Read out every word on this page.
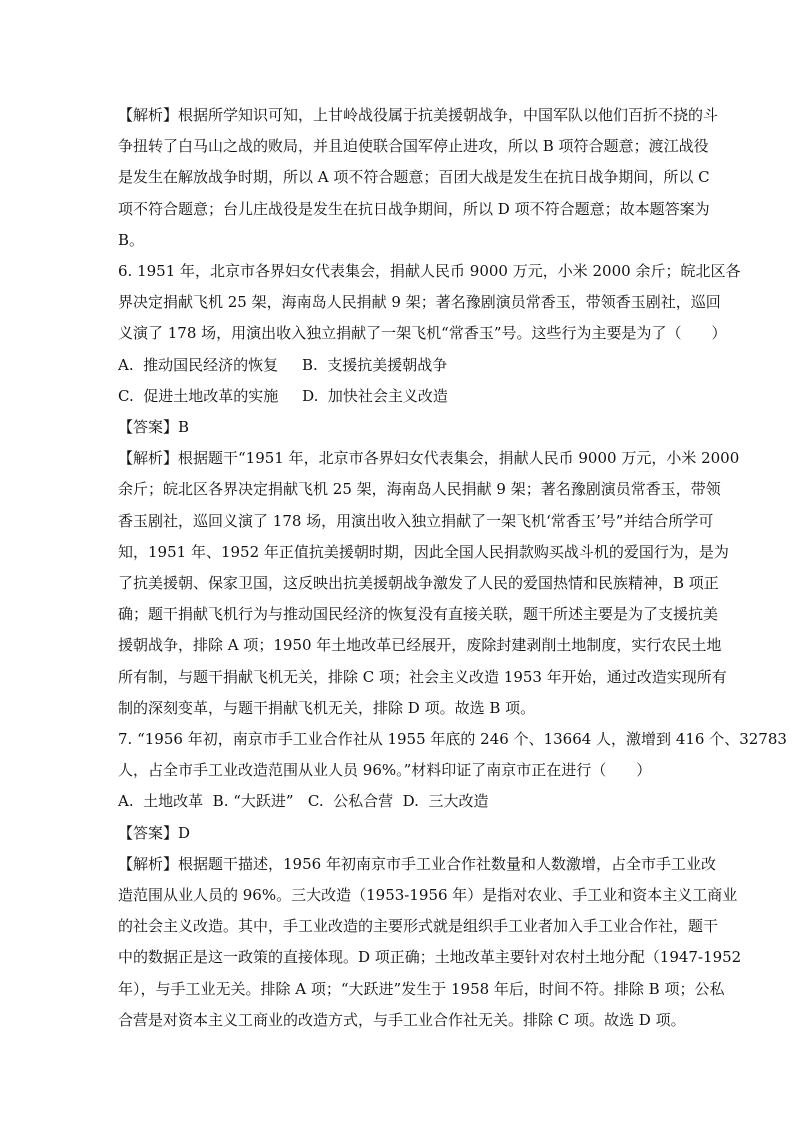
【解析】根据所学知识可知，上甘岭战役属于抗美援朝战争，中国军队以他们百折不挠的斗
争扭转了白马山之战的败局，并且迫使联合国军停止进攻，所以 B 项符合题意；渡江战役
是发生在解放战争时期，所以 A 项不符合题意；百团大战是发生在抗日战争期间，所以 C
项不符合题意；台儿庄战役是发生在抗日战争期间，所以 D 项不符合题意；故本题答案为
B。
6. 1951 年，北京市各界妇女代表集会，捐献人民币 9000 万元，小米 2000 余斤；皖北区各
界决定捐献飞机 25 架，海南岛人民捐献 9 架；著名豫剧演员常香玉，带领香玉剧社，巡回
义演了 178 场，用演出收入独立捐献了一架飞机“常香玉”号。这些行为主要是为了（　　）
A.  推动国民经济的恢复     B.  支援抗美援朝战争
C.  促进土地改革的实施     D.  加快社会主义改造
【答案】B
【解析】根据题干“1951 年，北京市各界妇女代表集会，捐献人民币 9000 万元，小米 2000
余斤；皖北区各界决定捐献飞机 25 架，海南岛人民捐献 9 架；著名豫剧演员常香玉，带领
香玉剧社，巡回义演了 178 场，用演出收入独立捐献了一架飞机‘常香玉’号”并结合所学可
知，1951 年、1952 年正值抗美援朝时期，因此全国人民捐款购买战斗机的爱国行为，是为
了抗美援朝、保家卫国，这反映出抗美援朝战争激发了人民的爱国热情和民族精神，B 项正
确；题干捐献飞机行为与推动国民经济的恢复没有直接关联，题干所述主要是为了支援抗美
援朝战争，排除 A 项；1950 年土地改革已经展开，废除封建剥削土地制度，实行农民土地
所有制，与题干捐献飞机无关，排除 C 项；社会主义改造 1953 年开始，通过改造实现所有
制的深刻变革，与题干捐献飞机无关，排除 D 项。故选 B 项。
7. “1956 年初，南京市手工业合作社从 1955 年底的 246 个、13664 人，激增到 416 个、32783
人，占全市手工业改造范围从业人员 96%。”材料印证了南京市正在进行（　　）
A.  土地改革  B. “大跃进”   C.  公私合营  D.  三大改造
【答案】D
【解析】根据题干描述，1956 年初南京市手工业合作社数量和人数激增，占全市手工业改
造范围从业人员的 96%。三大改造（1953-1956 年）是指对农业、手工业和资本主义工商业
的社会主义改造。其中，手工业改造的主要形式就是组织手工业者加入手工业合作社，题干
中的数据正是这一政策的直接体现。D 项正确；土地改革主要针对农村土地分配（1947-1952
年），与手工业无关。排除 A 项；“大跃进”发生于 1958 年后，时间不符。排除 B 项；公私
合营是对资本主义工商业的改造方式，与手工业合作社无关。排除 C 项。故选 D 项。
